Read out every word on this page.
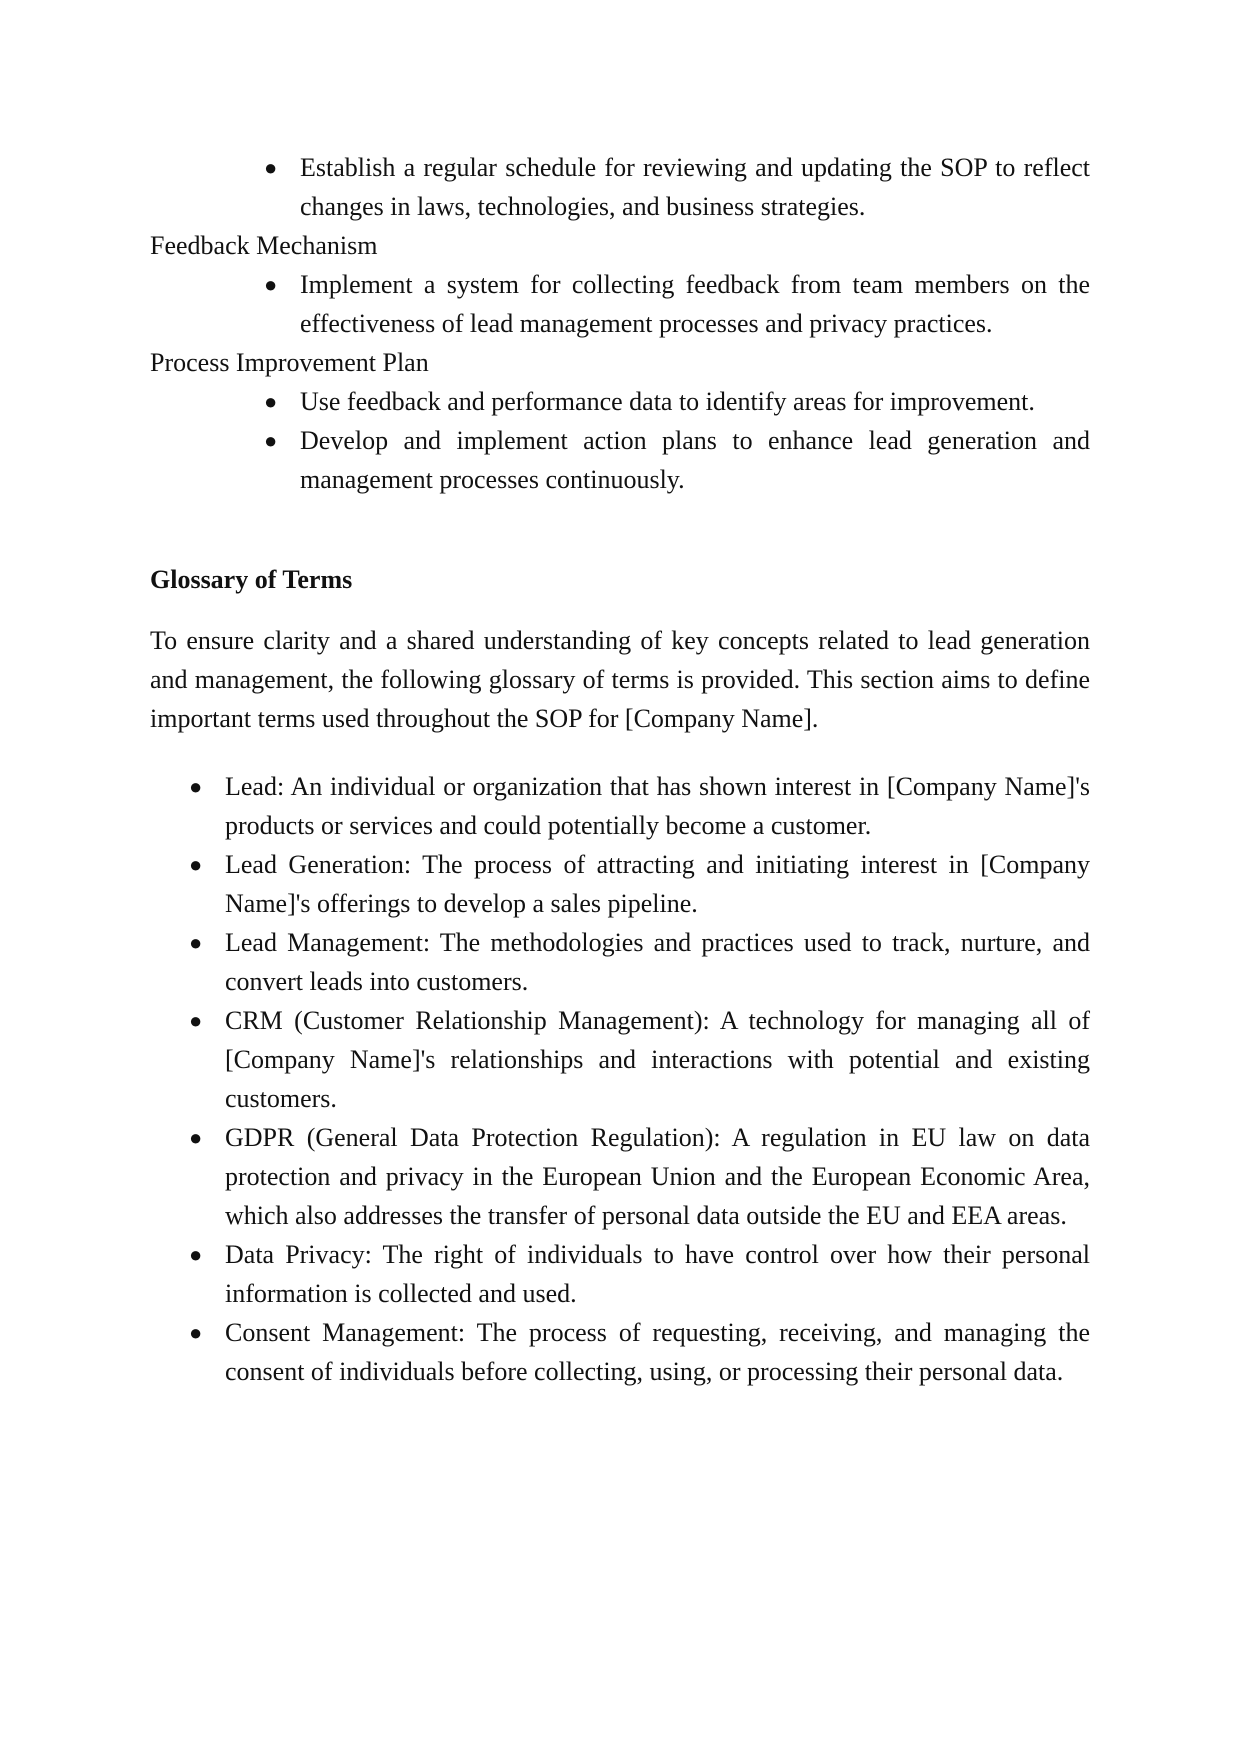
● Establish a regular schedule for reviewing and updating the SOP to reflect changes in laws, technologies, and business strategies.
Feedback Mechanism
● Implement a system for collecting feedback from team members on the effectiveness of lead management processes and privacy practices.
Process Improvement Plan
● Use feedback and performance data to identify areas for improvement.
● Develop and implement action plans to enhance lead generation and management processes continuously.
Glossary of Terms

To ensure clarity and a shared understanding of key concepts related to lead generation and management, the following glossary of terms is provided. This section aims to define important terms used throughout the SOP for [Company Name].

● Lead: An individual or organization that has shown interest in [Company Name]'s products or services and could potentially become a customer.
● Lead Generation: The process of attracting and initiating interest in [Company Name]'s offerings to develop a sales pipeline.
● Lead Management: The methodologies and practices used to track, nurture, and convert leads into customers.
● CRM (Customer Relationship Management): A technology for managing all of [Company Name]'s relationships and interactions with potential and existing customers.
● GDPR (General Data Protection Regulation): A regulation in EU law on data protection and privacy in the European Union and the European Economic Area, which also addresses the transfer of personal data outside the EU and EEA areas.
● Data Privacy: The right of individuals to have control over how their personal information is collected and used.
● Consent Management: The process of requesting, receiving, and managing the consent of individuals before collecting, using, or processing their personal data.
